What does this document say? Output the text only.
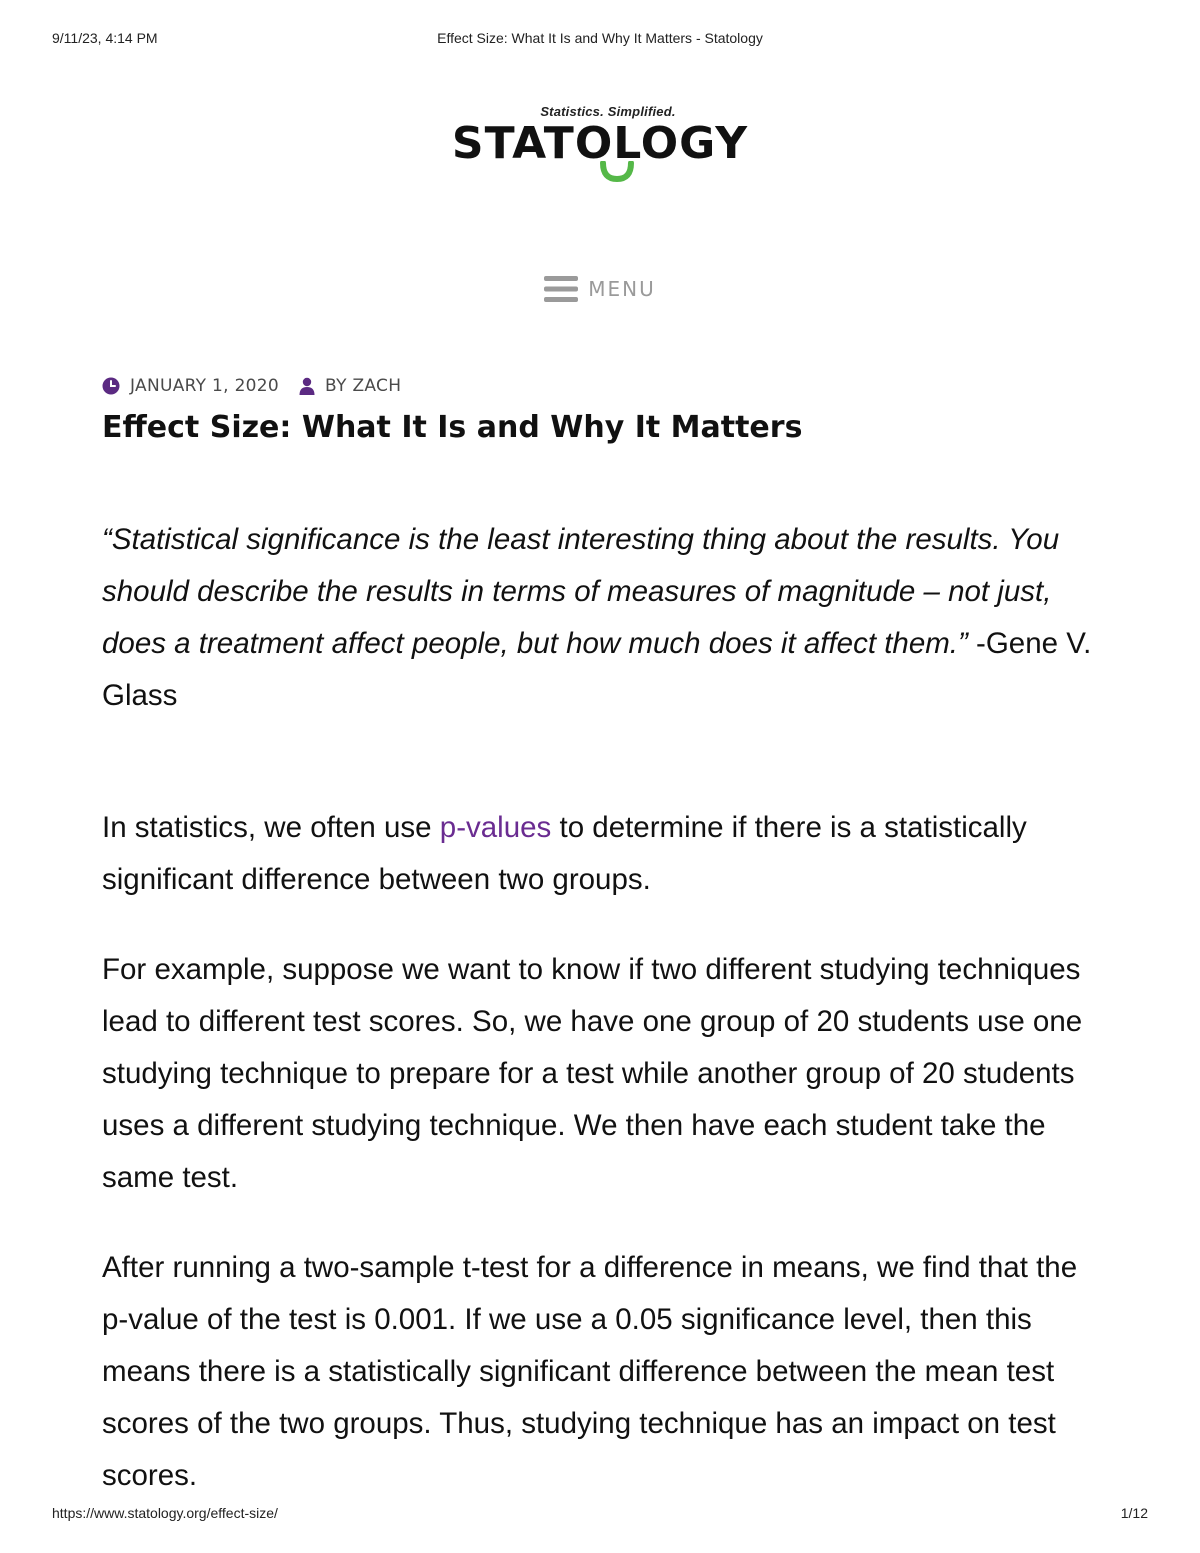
9/11/23, 4:14 PM	Effect Size: What It Is and Why It Matters - Statology
Statistics. Simplified.
STATOLOGY
MENU
JANUARY 1, 2020	BY ZACH
Effect Size: What It Is and Why It Matters

“Statistical significance is the least interesting thing about the results. You should describe the results in terms of measures of magnitude – not just, does a treatment affect people, but how much does it affect them.” -Gene V. Glass

In statistics, we often use p-values to determine if there is a statistically significant difference between two groups.

For example, suppose we want to know if two different studying techniques lead to different test scores. So, we have one group of 20 students use one studying technique to prepare for a test while another group of 20 students uses a different studying technique. We then have each student take the same test.

After running a two-sample t-test for a difference in means, we find that the p-value of the test is 0.001. If we use a 0.05 significance level, then this means there is a statistically significant difference between the mean test scores of the two groups. Thus, studying technique has an impact on test scores.

https://www.statology.org/effect-size/	1/12
